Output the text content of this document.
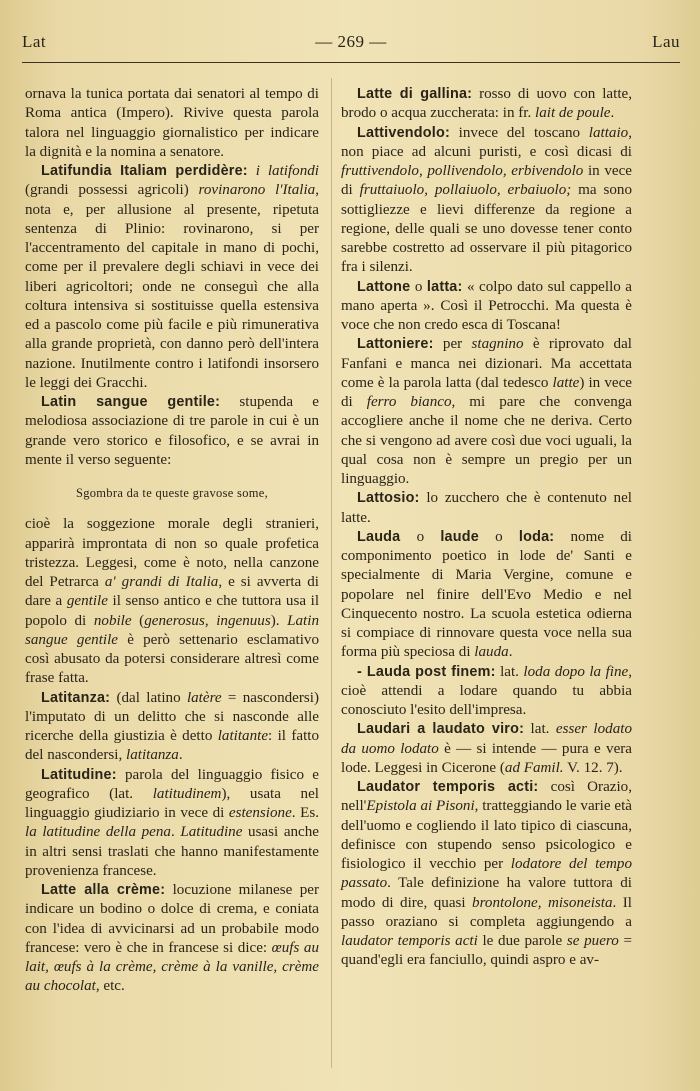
Lat	— 269 —	Lau

ornava la tunica portata dai senatori al tempo di Roma antica (Impero). Rivive questa parola talora nel linguaggio giornalistico per indicare la dignità e la nomina a senatore.

Latifundia Italiam perdidère: i latifondi (grandi possessi agricoli) rovinarono l'Italia, nota e, per allusione al presente, ripetuta sentenza di Plinio: rovinarono, si per l'accentramento del capitale in mano di pochi, come per il prevalere degli schiavi in vece dei liberi agricoltori; onde ne conseguì che alla coltura intensiva si sostituisse quella estensiva ed a pascolo come più facile e più rimunerativa alla grande proprietà, con danno però dell'intera nazione. Inutilmente contro i latifondi insorsero le leggi dei Gracchi.

Latin sangue gentile: stupenda e melodiosa associazione di tre parole in cui è un grande vero storico e filosofico, e se avrai in mente il verso seguente:

Sgombra da te queste gravose some,

cioè la soggezione morale degli stranieri, apparirà improntata di non so quale profetica tristezza. Leggesi, come è noto, nella canzone del Petrarca a' grandi di Italia, e si avverta di dare a gentile il senso antico e che tuttora usa il popolo di nobile (generosus, ingenuus). Latin sangue gentile è però settenario esclamativo così abusato da potersi considerare altresì come frase fatta.

Latitanza: (dal latino latère = nascondersi) l'imputato di un delitto che si nasconde alle ricerche della giustizia è detto latitante: il fatto del nascondersi, latitanza.

Latitudine: parola del linguaggio fisico e geografico (lat. latitudinem), usata nel linguaggio giudiziario in vece di estensione. Es. la latitudine della pena. Latitudine usasi anche in altri sensi traslati che hanno manifestamente provenienza francese.

Latte alla crème: locuzione milanese per indicare un bodino o dolce di crema, e coniata con l'idea di avvicinarsi ad un probabile modo francese: vero è che in francese si dice: œufs au lait, œufs à la crème, crème à la vanille, crème au chocolat, etc.

Latte di gallina: rosso di uovo con latte, brodo o acqua zuccherata: in fr. lait de poule.

Lattivendolo: invece del toscano lattaio, non piace ad alcuni puristi, e così dicasi di fruttivendolo, pollivendolo, erbivendolo in vece di fruttaiuolo, pollaiuolo, erbaiuolo; ma sono sottigliezze e lievi differenze da regione a regione, delle quali se uno dovesse tener conto sarebbe costretto ad osservare il più pitagorico fra i silenzi.

Lattone o latta: « colpo dato sul cappello a mano aperta ». Così il Petrocchi. Ma questa è voce che non credo esca di Toscana!

Lattoniere: per stagnino è riprovato dal Fanfani e manca nei dizionari. Ma accettata come è la parola latta (dal tedesco latte) in vece di ferro bianco, mi pare che convenga accogliere anche il nome che ne deriva. Certo che si vengono ad avere così due voci uguali, la qual cosa non è sempre un pregio per un linguaggio.

Lattosio: lo zucchero che è contenuto nel latte.

Lauda o laude o loda: nome di componimento poetico in lode de' Santi e specialmente di Maria Vergine, comune e popolare nel finire dell'Evo Medio e nel Cinquecento nostro. La scuola estetica odierna si compiace di rinnovare questa voce nella sua forma più speciosa di lauda.

- Lauda post finem: lat. loda dopo la fine, cioè attendi a lodare quando tu abbia conosciuto l'esito dell'impresa.

Laudari a laudato viro: lat. esser lodato da uomo lodato è — si intende — pura e vera lode. Leggesi in Cicerone (ad Famil. V. 12. 7).

Laudator temporis acti: così Orazio, nell'Epistola ai Pisoni, tratteggiando le varie età dell'uomo e cogliendo il lato tipico di ciascuna, definisce con stupendo senso psicologico e fisiologico il vecchio per lodatore del tempo passato. Tale definizione ha valore tuttora di modo di dire, quasi brontolone, misoneista. Il passo oraziano si completa aggiungendo a laudator temporis acti le due parole se puero = quand'egli era fanciullo, quindi aspro e av-
